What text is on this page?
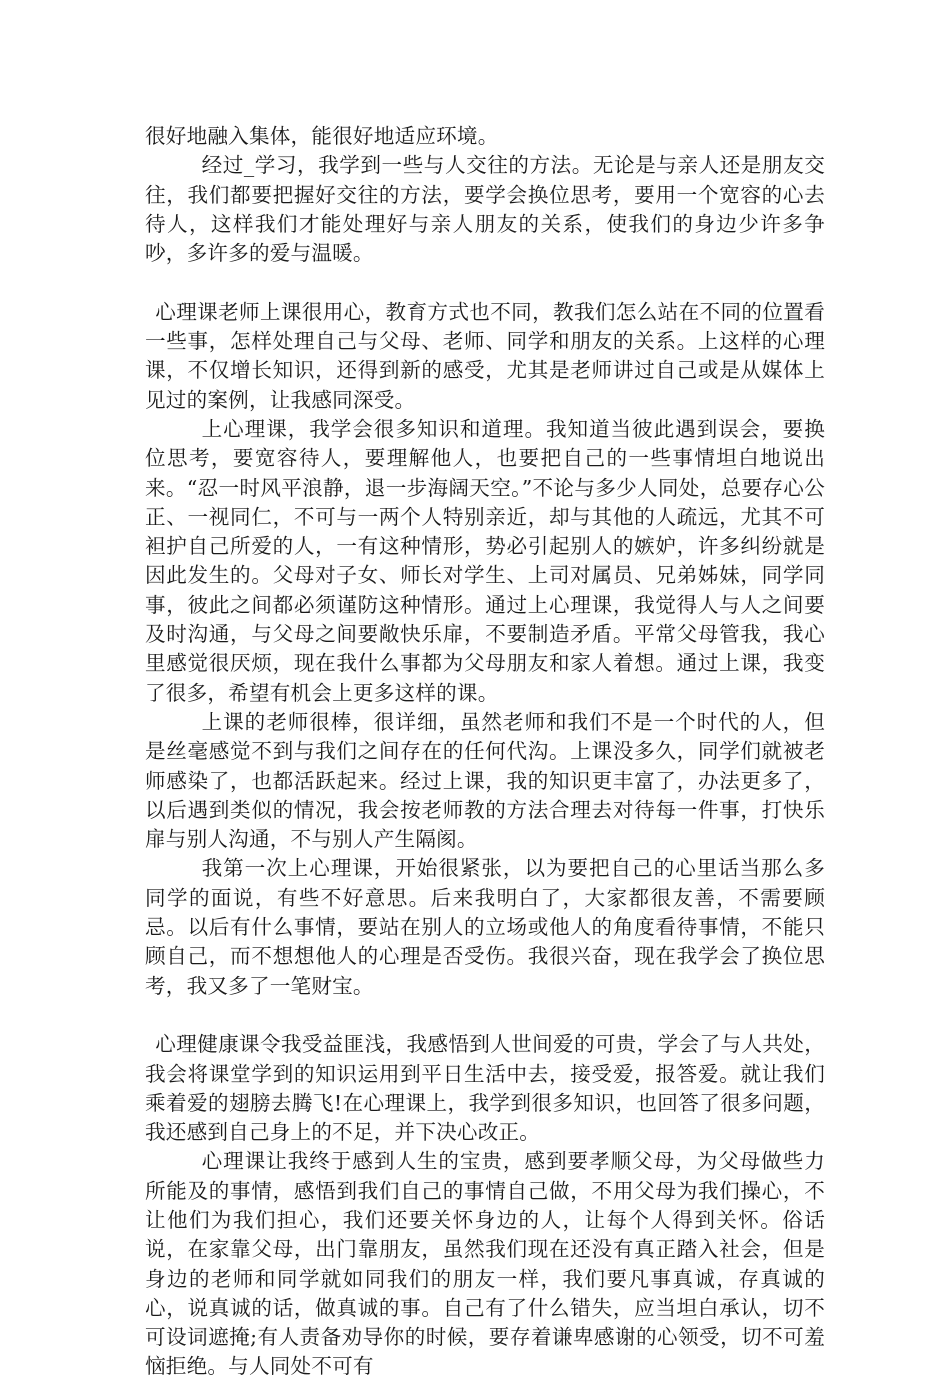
很好地融入集体，能很好地适应环境。

经过_学习，我学到一些与人交往的方法。无论是与亲人还是朋友交往，我们都要把握好交往的方法，要学会换位思考，要用一个宽容的心去待人，这样我们才能处理好与亲人朋友的关系，使我们的身边少许多争吵，多许多的爱与温暖。

心理课老师上课很用心，教育方式也不同，教我们怎么站在不同的位置看一些事，怎样处理自己与父母、老师、同学和朋友的关系。上这样的心理课，不仅增长知识，还得到新的感受，尤其是老师讲过自己或是从媒体上见过的案例，让我感同深受。

上心理课，我学会很多知识和道理。我知道当彼此遇到误会，要换位思考，要宽容待人，要理解他人，也要把自己的一些事情坦白地说出来。“忍一时风平浪静，退一步海阔天空。”不论与多少人同处，总要存心公正、一视同仁，不可与一两个人特别亲近，却与其他的人疏远，尤其不可袒护自己所爱的人，一有这种情形，势必引起别人的嫉妒，许多纠纷就是因此发生的。父母对子女、师长对学生、上司对属员、兄弟姊妹，同学同事，彼此之间都必须谨防这种情形。通过上心理课，我觉得人与人之间要及时沟通，与父母之间要敞快乐扉，不要制造矛盾。平常父母管我，我心里感觉很厌烦，现在我什么事都为父母朋友和家人着想。通过上课，我变了很多，希望有机会上更多这样的课。

上课的老师很棒，很详细，虽然老师和我们不是一个时代的人，但是丝毫感觉不到与我们之间存在的任何代沟。上课没多久，同学们就被老师感染了，也都活跃起来。经过上课，我的知识更丰富了，办法更多了，以后遇到类似的情况，我会按老师教的方法合理去对待每一件事，打快乐扉与别人沟通，不与别人产生隔阂。

我第一次上心理课，开始很紧张，以为要把自己的心里话当那么多同学的面说，有些不好意思。后来我明白了，大家都很友善，不需要顾忌。以后有什么事情，要站在别人的立场或他人的角度看待事情，不能只顾自己，而不想想他人的心理是否受伤。我很兴奋，现在我学会了换位思考，我又多了一笔财宝。

心理健康课令我受益匪浅，我感悟到人世间爱的可贵，学会了与人共处，我会将课堂学到的知识运用到平日生活中去，接受爱，报答爱。就让我们乘着爱的翅膀去腾飞!在心理课上，我学到很多知识，也回答了很多问题，我还感到自己身上的不足，并下决心改正。

心理课让我终于感到人生的宝贵，感到要孝顺父母，为父母做些力所能及的事情，感悟到我们自己的事情自己做，不用父母为我们操心，不让他们为我们担心，我们还要关怀身边的人，让每个人得到关怀。俗话说，在家靠父母，出门靠朋友，虽然我们现在还没有真正踏入社会，但是身边的老师和同学就如同我们的朋友一样，我们要凡事真诚，存真诚的心，说真诚的话，做真诚的事。自己有了什么错失，应当坦白承认，切不可设词遮掩;有人责备劝导你的时候，要存着谦卑感谢的心领受，切不可羞恼拒绝。与人同处不可有
